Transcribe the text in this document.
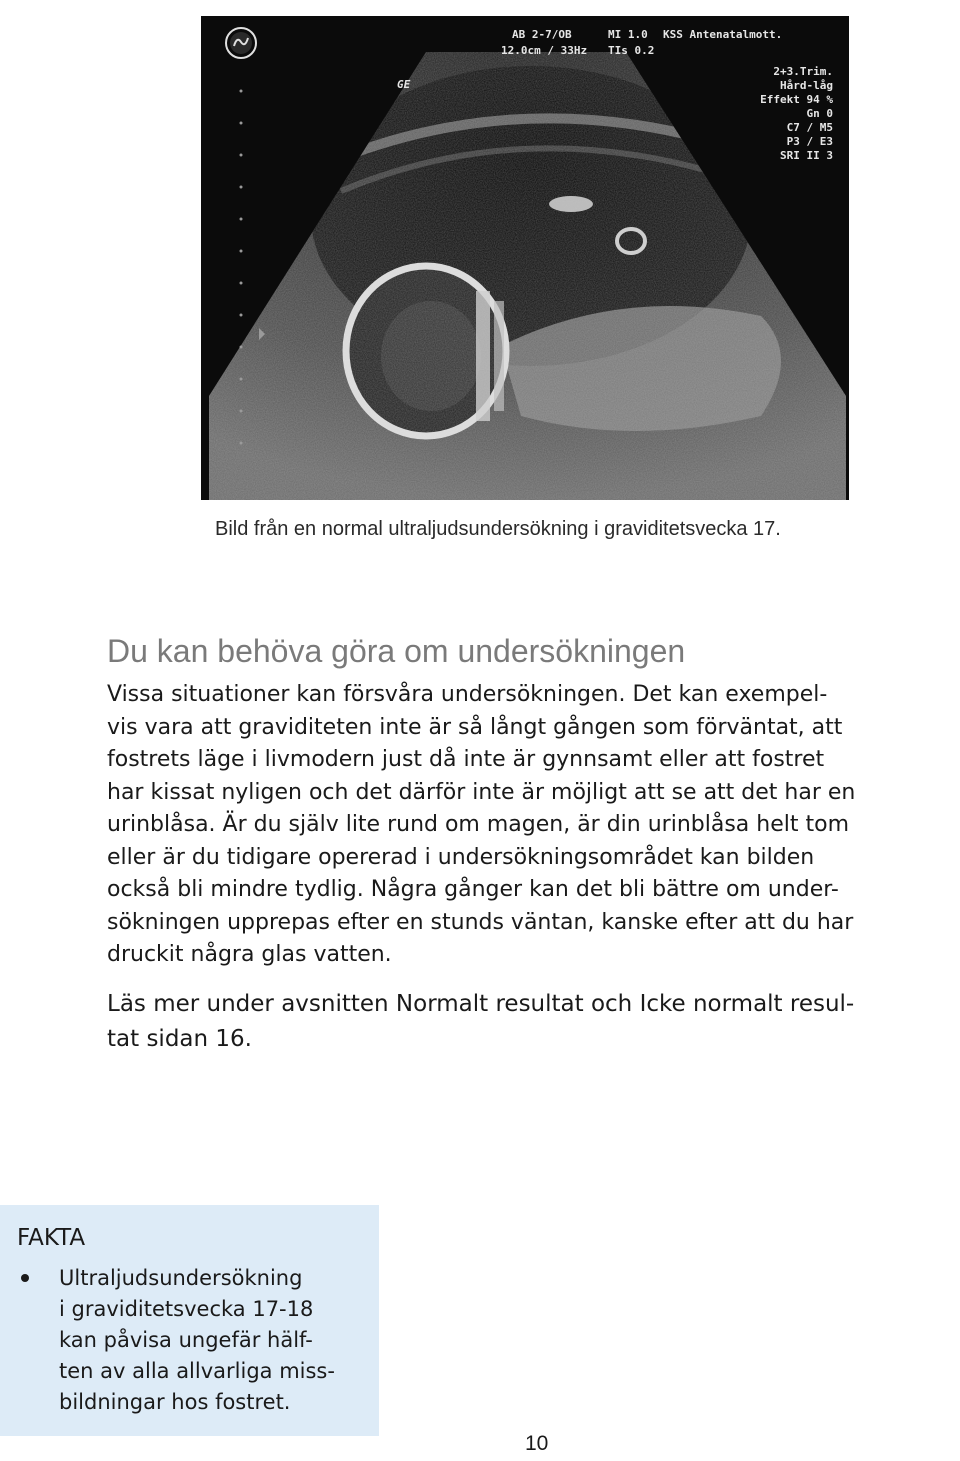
AB 2-7/OB
12.0cm / 33Hz
MI 1.0 KSS Antenatalmott.
TIs 0.2
GE
2+3.Trim.
Hård-låg
Effekt 94 %
Gn 0
C7 / M5
P3 / E3
SRI II 3

Bild från en normal ultraljudsundersökning i graviditetsvecka 17.

Du kan behöva göra om undersökningen

Vissa situationer kan försvåra undersökningen. Det kan exempel-
vis vara att graviditeten inte är så långt gången som förväntat, att
fostrets läge i livmodern just då inte är gynnsamt eller att fostret
har kissat nyligen och det därför inte är möjligt att se att det har en
urinblåsa. Är du själv lite rund om magen, är din urinblåsa helt tom
eller är du tidigare opererad i undersökningsområdet kan bilden
också bli mindre tydlig. Några gånger kan det bli bättre om under-
sökningen upprepas efter en stunds väntan, kanske efter att du har
druckit några glas vatten.

Läs mer under avsnitten Normalt resultat och Icke normalt resul-
tat sidan 16.

FAKTA
Ultraljudsundersökning
i graviditetsvecka 17-18
kan påvisa ungefär hälf-
ten av alla allvarliga miss-
bildningar hos fostret.

10
